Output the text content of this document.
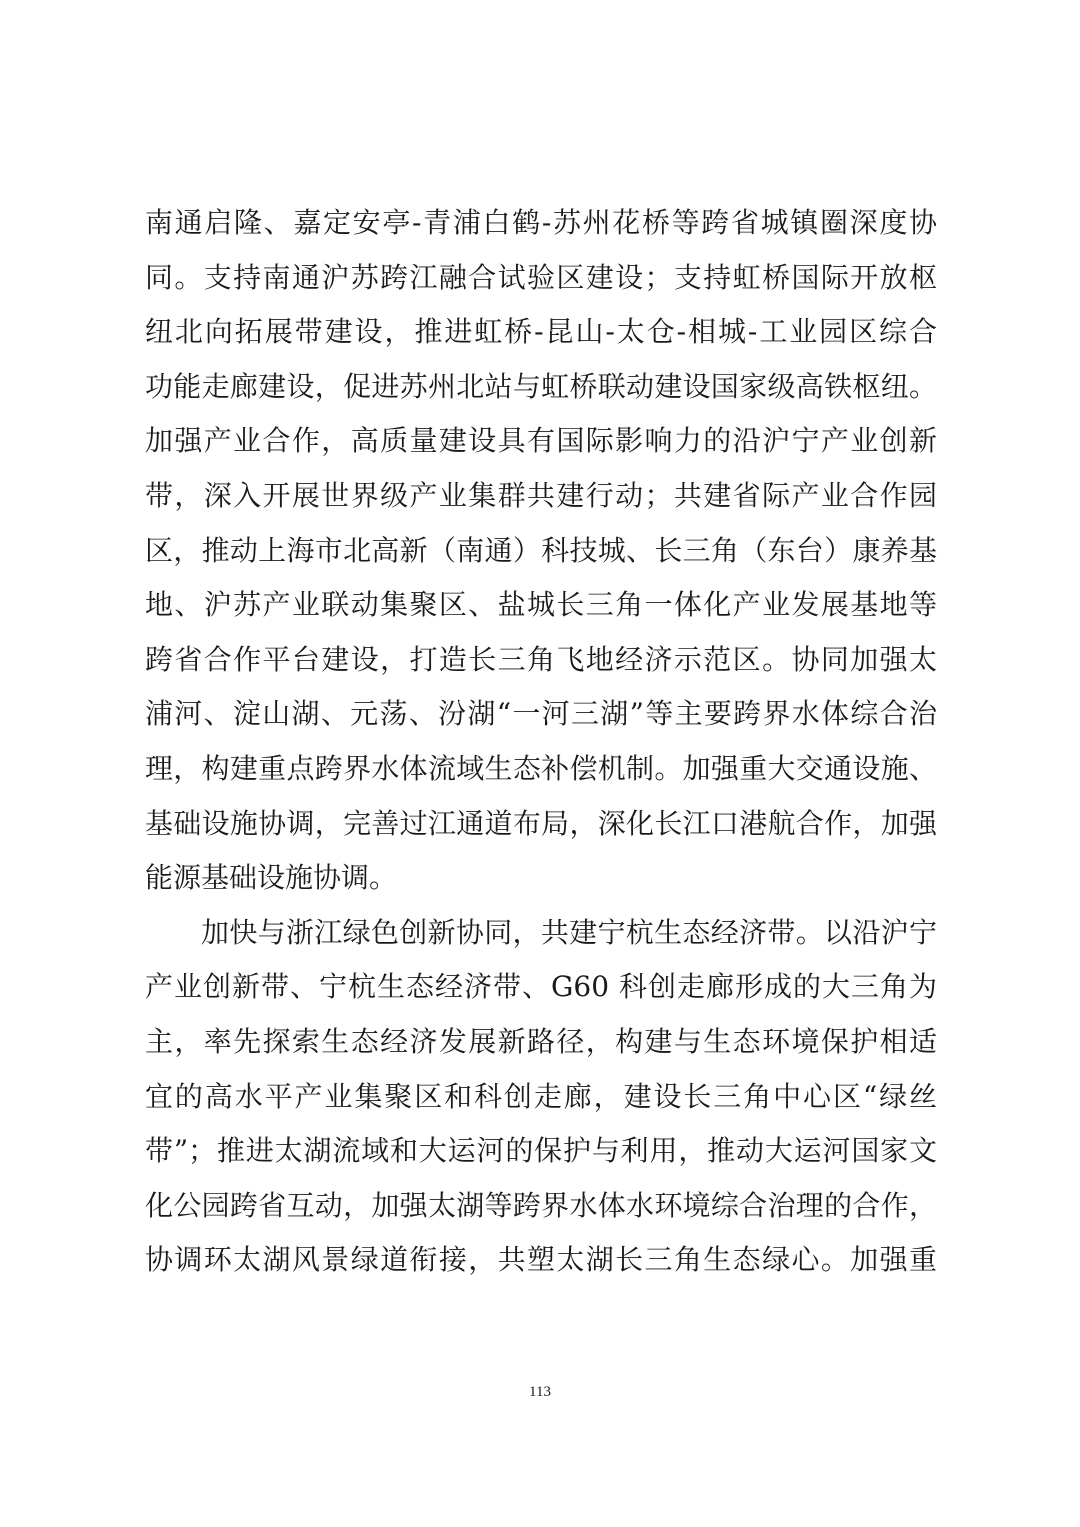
南通启隆、嘉定安亭-青浦白鹤-苏州花桥等跨省城镇圈深度协
同。支持南通沪苏跨江融合试验区建设；支持虹桥国际开放枢
纽北向拓展带建设，推进虹桥-昆山-太仓-相城-工业园区综合
功能走廊建设，促进苏州北站与虹桥联动建设国家级高铁枢纽。
加强产业合作，高质量建设具有国际影响力的沿沪宁产业创新
带，深入开展世界级产业集群共建行动；共建省际产业合作园
区，推动上海市北高新（南通）科技城、长三角（东台）康养基
地、沪苏产业联动集聚区、盐城长三角一体化产业发展基地等
跨省合作平台建设，打造长三角飞地经济示范区。协同加强太
浦河、淀山湖、元荡、汾湖“一河三湖”等主要跨界水体综合治
理，构建重点跨界水体流域生态补偿机制。加强重大交通设施、
基础设施协调，完善过江通道布局，深化长江口港航合作，加强
能源基础设施协调。
加快与浙江绿色创新协同，共建宁杭生态经济带。以沿沪宁
产业创新带、宁杭生态经济带、G60 科创走廊形成的大三角为
主，率先探索生态经济发展新路径，构建与生态环境保护相适
宜的高水平产业集聚区和科创走廊，建设长三角中心区“绿丝
带”；推进太湖流域和大运河的保护与利用，推动大运河国家文
化公园跨省互动，加强太湖等跨界水体水环境综合治理的合作，
协调环太湖风景绿道衔接，共塑太湖长三角生态绿心。加强重
113
